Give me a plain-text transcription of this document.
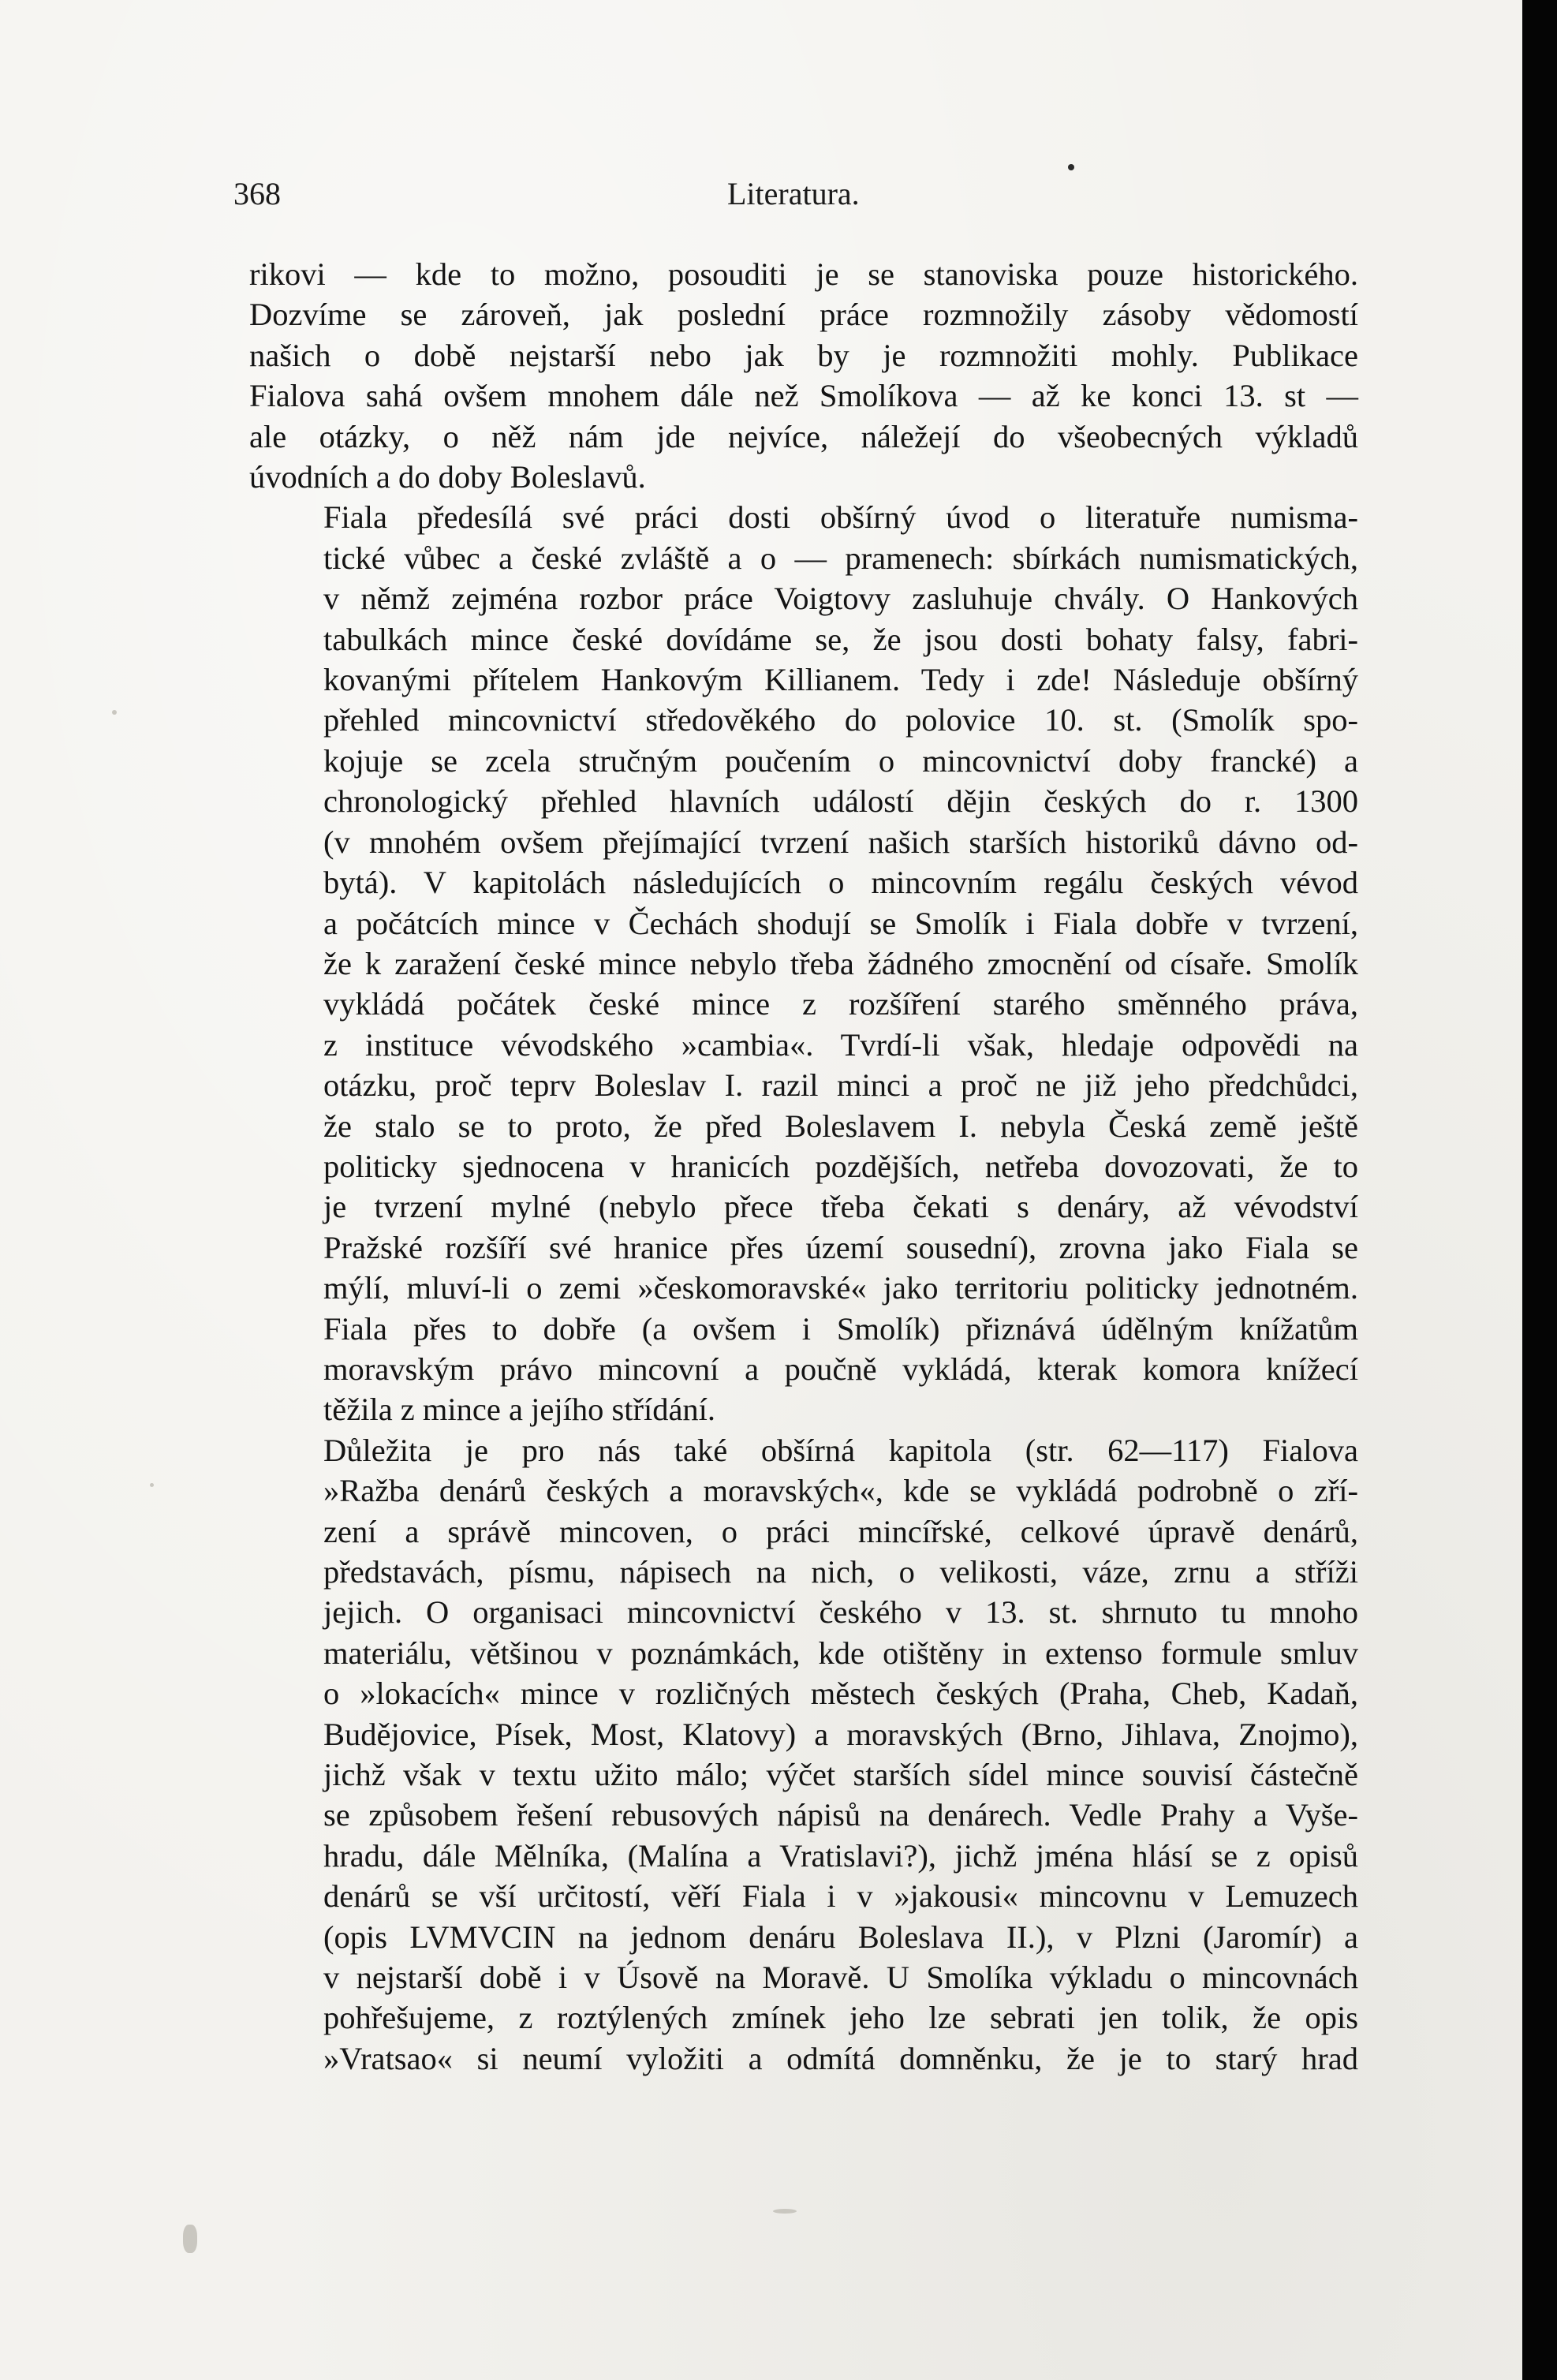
368	Literatura.

rikovi — kde to možno, posouditi je se stanoviska pouze historického.
Dozvíme se zároveň, jak poslední práce rozmnožily zásoby vědomostí
našich o době nejstarší nebo jak by je rozmnožiti mohly. Publikace
Fialova sahá ovšem mnohem dále než Smolíkova — až ke konci 13. st —
ale otázky, o něž nám jde nejvíce, náležejí do všeobecných výkladů
úvodních a do doby Boleslavů.

Fiala předesílá své práci dosti obšírný úvod o literatuře numisma-
tické vůbec a české zvláště a o — pramenech: sbírkách numismatických,
v němž zejména rozbor práce Voigtovy zasluhuje chvály. O Hankových
tabulkách mince české dovídáme se, že jsou dosti bohaty falsy, fabri-
kovanými přítelem Hankovým Killianem. Tedy i zde! Následuje obšírný
přehled mincovnictví středověkého do polovice 10. st. (Smolík spo-
kojuje se zcela stručným poučením o mincovnictví doby francké) a
chronologický přehled hlavních událostí dějin českých do r. 1300
(v mnohém ovšem přejímající tvrzení našich starších historiků dávno od-
bytá). V kapitolách následujících o mincovním regálu českých vévod
a počátcích mince v Čechách shodují se Smolík i Fiala dobře v tvrzení,
že k zaražení české mince nebylo třeba žádného zmocnění od císaře. Smolík
vykládá počátek české mince z rozšíření starého směnného práva,
z instituce vévodského »cambia«. Tvrdí-li však, hledaje odpovědi na
otázku, proč teprv Boleslav I. razil minci a proč ne již jeho předchůdci,
že stalo se to proto, že před Boleslavem I. nebyla Česká země ještě
politicky sjednocena v hranicích pozdějších, netřeba dovozovati, že to
je tvrzení mylné (nebylo přece třeba čekati s denáry, až vévodství
Pražské rozšíří své hranice přes území sousední), zrovna jako Fiala se
mýlí, mluví-li o zemi »českomoravské« jako territoriu politicky jednotném.
Fiala přes to dobře (a ovšem i Smolík) přiznává údělným knížatům
moravským právo mincovní a poučně vykládá, kterak komora knížecí
těžila z mince a jejího střídání.

Důležita je pro nás také obšírná kapitola (str. 62—117) Fialova
»Ražba denárů českých a moravských«, kde se vykládá podrobně o zří-
zení a správě mincoven, o práci mincířské, celkové úpravě denárů,
představách, písmu, nápisech na nich, o velikosti, váze, zrnu a stříži
jejich. O organisaci mincovnictví českého v 13. st. shrnuto tu mnoho
materiálu, většinou v poznámkách, kde otištěny in extenso formule smluv
o »lokacích« mince v rozličných městech českých (Praha, Cheb, Kadaň,
Budějovice, Písek, Most, Klatovy) a moravských (Brno, Jihlava, Znojmo),
jichž však v textu užito málo; výčet starších sídel mince souvisí částečně
se způsobem řešení rebusových nápisů na denárech. Vedle Prahy a Vyše-
hradu, dále Mělníka, (Malína a Vratislavi?), jichž jména hlásí se z opisů
denárů se vší určitostí, věří Fiala i v »jakousi« mincovnu v Lemuzech
(opis LVMVCIN na jednom denáru Boleslava II.), v Plzni (Jaromír) a
v nejstarší době i v Úsově na Moravě. U Smolíka výkladu o mincovnách
pohřešujeme, z roztýlených zmínek jeho lze sebrati jen tolik, že opis
»Vratsao« si neumí vyložiti a odmítá domněnku, že je to starý hrad
